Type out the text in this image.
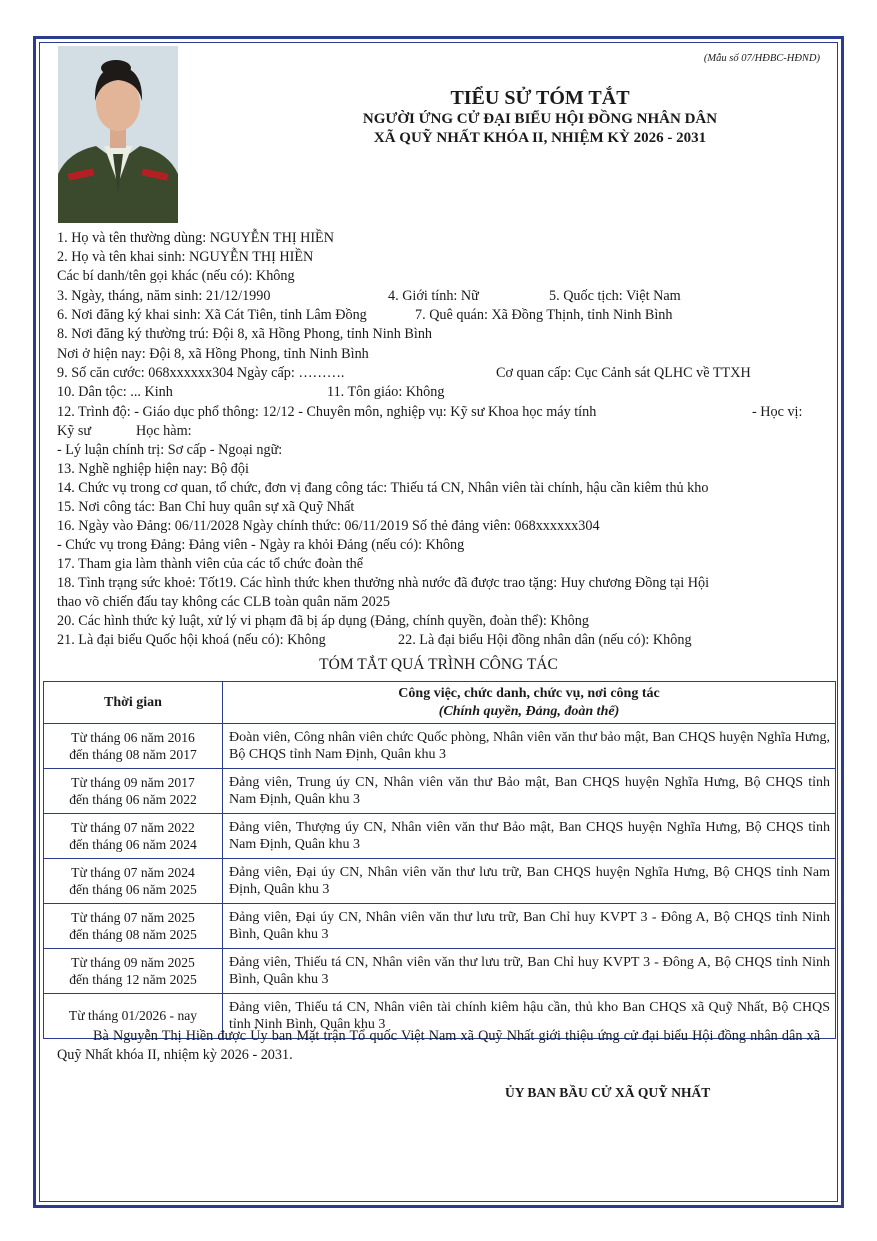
(Mẫu số 07/HĐBC-HĐND)
TIỂU SỬ TÓM TẮT
NGƯỜI ỨNG CỬ ĐẠI BIỂU HỘI ĐỒNG NHÂN DÂN
XÃ QUỸ NHẤT KHÓA II, NHIỆM KỲ 2026 - 2031
1. Họ và tên thường dùng: NGUYỄN THỊ HIỀN
2. Họ và tên khai sinh: NGUYỄN THỊ HIỀN
Các bí danh/tên gọi khác (nếu có): Không
3. Ngày, tháng, năm sinh: 21/12/1990	4. Giới tính: Nữ	5. Quốc tịch: Việt Nam
6. Nơi đăng ký khai sinh: Xã Cát Tiên, tỉnh Lâm Đồng	7. Quê quán: Xã Đồng Thịnh, tỉnh Ninh Bình
8. Nơi đăng ký thường trú: Đội 8, xã Hồng Phong, tỉnh Ninh Bình
Nơi ở hiện nay: Đội 8, xã Hồng Phong, tỉnh Ninh Bình
9. Số căn cước: 068xxxxxx304 Ngày cấp: ……….	Cơ quan cấp: Cục Cảnh sát QLHC về TTXH
10. Dân tộc: ... Kinh	11. Tôn giáo: Không
12. Trình độ: - Giáo dục phổ thông: 12/12 - Chuyên môn, nghiệp vụ: Kỹ sư Khoa học máy tính	- Học vị:
Kỹ sư	Học hàm:
- Lý luận chính trị: Sơ cấp - Ngoại ngữ:
13. Nghề nghiệp hiện nay: Bộ đội
14. Chức vụ trong cơ quan, tổ chức, đơn vị đang công tác: Thiếu tá CN, Nhân viên tài chính, hậu cần kiêm thủ kho
15. Nơi công tác: Ban Chỉ huy quân sự xã Quỹ Nhất
16. Ngày vào Đảng: 06/11/2028 Ngày chính thức: 06/11/2019 Số thẻ đảng viên: 068xxxxxx304
- Chức vụ trong Đảng: Đảng viên - Ngày ra khỏi Đảng (nếu có): Không
17. Tham gia làm thành viên của các tổ chức đoàn thể
18. Tình trạng sức khoẻ: Tốt19. Các hình thức khen thưởng nhà nước đã được trao tặng: Huy chương Đồng tại Hội
thao võ chiến đấu tay không các CLB toàn quân năm 2025
20. Các hình thức kỷ luật, xử lý vi phạm đã bị áp dụng (Đảng, chính quyền, đoàn thể): Không
21. Là đại biểu Quốc hội khoá (nếu có): Không	22. Là đại biểu Hội đồng nhân dân (nếu có): Không
TÓM TẮT QUÁ TRÌNH CÔNG TÁC
Thời gian	Công việc, chức danh, chức vụ, nơi công tác
(Chính quyền, Đảng, đoàn thể)

Từ tháng 06 năm 2016
đến tháng 08 năm 2017	Đoàn viên, Công nhân viên chức Quốc phòng, Nhân viên văn thư bảo mật, Ban CHQS huyện Nghĩa Hưng, Bộ CHQS tỉnh Nam Định, Quân khu 3

Từ tháng 09 năm 2017
đến tháng 06 năm 2022	Đảng viên, Trung úy CN, Nhân viên văn thư Bảo mật, Ban CHQS huyện Nghĩa Hưng, Bộ CHQS tỉnh Nam Định, Quân khu 3

Từ tháng 07 năm 2022
đến tháng 06 năm 2024	Đảng viên, Thượng úy CN, Nhân viên văn thư Bảo mật, Ban CHQS huyện Nghĩa Hưng, Bộ CHQS tỉnh Nam Định, Quân khu 3

Từ tháng 07 năm 2024
đến tháng 06 năm 2025	Đảng viên, Đại úy CN, Nhân viên văn thư lưu trữ, Ban CHQS huyện Nghĩa Hưng, Bộ CHQS tỉnh Nam Định, Quân khu 3

Từ tháng 07 năm 2025
đến tháng 08 năm 2025	Đảng viên, Đại úy CN, Nhân viên văn thư lưu trữ, Ban Chỉ huy KVPT 3 - Đông A, Bộ CHQS tỉnh Ninh Bình, Quân khu 3

Từ tháng 09 năm 2025
đến tháng 12 năm 2025	Đảng viên, Thiếu tá CN, Nhân viên văn thư lưu trữ, Ban Chỉ huy KVPT 3 - Đông A, Bộ CHQS tỉnh Ninh Bình, Quân khu 3

Từ tháng 01/2026 - nay	Đảng viên, Thiếu tá CN, Nhân viên tài chính kiêm hậu cần, thủ kho Ban CHQS xã Quỹ Nhất, Bộ CHQS tỉnh Ninh Bình, Quân khu 3
Bà Nguyễn Thị Hiền được Ủy ban Mặt trận Tổ quốc Việt Nam xã Quỹ Nhất giới thiệu ứng cử đại biểu Hội đồng nhân dân xã Quỹ Nhất khóa II, nhiệm kỳ 2026 - 2031.
ỦY BAN BẦU CỬ XÃ QUỸ NHẤT
